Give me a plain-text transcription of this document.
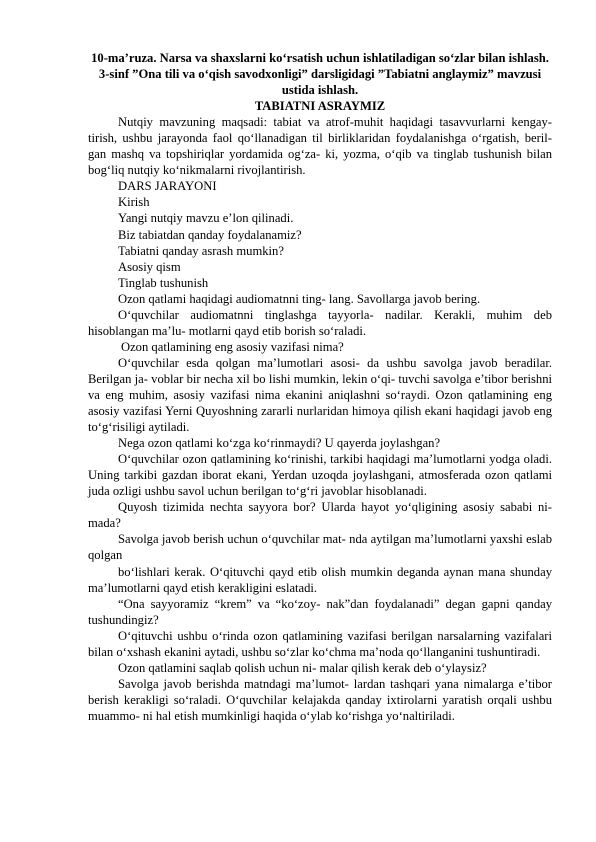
10-ma’ruza. Narsa va shaxslarni ko‘rsatish uchun ishlatiladigan so‘zlar bilan ishlash. 3-sinf ”Ona tili va o‘qish savodxonligi” darsligidagi ”Tabiatni anglaymiz” mavzusi ustida ishlash.

TABIATNI ASRAYMIZ

Nutqiy mavzuning maqsadi: tabiat va atrof-muhit haqidagi tasavvurlarni kengay- tirish, ushbu jarayonda faol qo‘llanadigan til birliklaridan foydalanishga o‘rgatish, beril- gan mashq va topshiriqlar yordamida og‘za- ki, yozma, o‘qib va tinglab tushunish bilan bog‘liq nutqiy ko‘nikmalarni rivojlantirish.

DARS JARAYONI

Kirish

Yangi nutqiy mavzu e’lon qilinadi.

Biz tabiatdan qanday foydalanamiz?

Tabiatni qanday asrash mumkin?

Asosiy qism

Tinglab tushunish

Ozon qatlami haqidagi audiomatnni ting- lang. Savollarga javob bering.

O‘quvchilar audiomatnni tinglashga tayyorla- nadilar. Kerakli, muhim deb hisoblangan ma’lu- motlarni qayd etib borish so‘raladi.

Ozon qatlamining eng asosiy vazifasi nima?

O‘quvchilar esda qolgan ma’lumotlari asosi- da ushbu savolga javob beradilar. Berilgan ja- voblar bir necha xil bo lishi mumkin, lekin o‘qi- tuvchi savolga e’tibor berishni va eng muhim, asosiy vazifasi nima ekanini aniqlashni so‘raydi. Ozon qatlamining eng asosiy vazifasi Yerni Quyoshning zararli nurlaridan himoya qilish ekani haqidagi javob eng to‘g‘risiligi aytiladi.

Nega ozon qatlami ko‘zga ko‘rinmaydi? U qayerda joylashgan?

O‘quvchilar ozon qatlamining ko‘rinishi, tarkibi haqidagi ma’lumotlarni yodga oladi. Uning tarkibi gazdan iborat ekani, Yerdan uzoqda joylashgani, atmosferada ozon qatlami juda ozligi ushbu savol uchun berilgan to‘g‘ri javoblar hisoblanadi.

Quyosh tizimida nechta sayyora bor? Ularda hayot yo‘qligining asosiy sababi ni- mada?

Savolga javob berish uchun o‘quvchilar mat- nda aytilgan ma’lumotlarni yaxshi eslab qolgan

bo‘lishlari kerak. O‘qituvchi qayd etib olish mumkin deganda aynan mana shunday ma’lumotlarni qayd etish kerakligini eslatadi.

“Ona sayyoramiz “krem” va “ko‘zoy- nak”dan foydalanadi” degan gapni qanday tushundingiz?

O‘qituvchi ushbu o‘rinda ozon qatlamining vazifasi berilgan narsalarning vazifalari bilan o‘xshash ekanini aytadi, ushbu so‘zlar ko‘chma ma’noda qo‘llanganini tushuntiradi.

Ozon qatlamini saqlab qolish uchun ni- malar qilish kerak deb o‘ylaysiz?

Savolga javob berishda matndagi ma’lumot- lardan tashqari yana nimalarga e’tibor berish kerakligi so‘raladi. O‘quvchilar kelajakda qanday ixtirolarni yaratish orqali ushbu muammo- ni hal etish mumkinligi haqida o‘ylab ko‘rishga yo‘naltiriladi.
